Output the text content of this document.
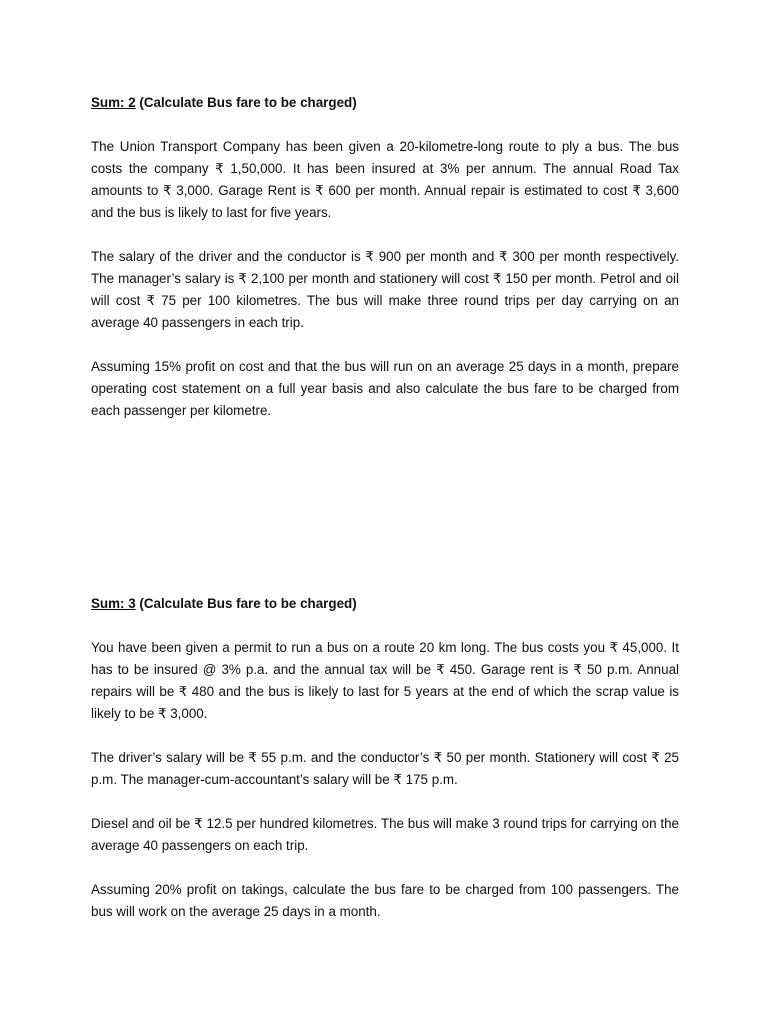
Sum: 2 (Calculate Bus fare to be charged)

The Union Transport Company has been given a 20-kilometre-long route to ply a bus. The bus costs the company ₹ 1,50,000. It has been insured at 3% per annum. The annual Road Tax amounts to ₹ 3,000. Garage Rent is ₹ 600 per month. Annual repair is estimated to cost ₹ 3,600 and the bus is likely to last for five years.

The salary of the driver and the conductor is ₹ 900 per month and ₹ 300 per month respectively. The manager’s salary is ₹ 2,100 per month and stationery will cost ₹ 150 per month. Petrol and oil will cost ₹ 75 per 100 kilometres. The bus will make three round trips per day carrying on an average 40 passengers in each trip.

Assuming 15% profit on cost and that the bus will run on an average 25 days in a month, prepare operating cost statement on a full year basis and also calculate the bus fare to be charged from each passenger per kilometre.

Sum: 3 (Calculate Bus fare to be charged)

You have been given a permit to run a bus on a route 20 km long. The bus costs you ₹ 45,000. It has to be insured @ 3% p.a. and the annual tax will be ₹ 450. Garage rent is ₹ 50 p.m. Annual repairs will be ₹ 480 and the bus is likely to last for 5 years at the end of which the scrap value is likely to be ₹ 3,000.

The driver’s salary will be ₹ 55 p.m. and the conductor’s ₹ 50 per month. Stationery will cost ₹ 25 p.m. The manager-cum-accountant’s salary will be ₹ 175 p.m.

Diesel and oil be ₹ 12.5 per hundred kilometres. The bus will make 3 round trips for carrying on the average 40 passengers on each trip.

Assuming 20% profit on takings, calculate the bus fare to be charged from 100 passengers. The bus will work on the average 25 days in a month.
